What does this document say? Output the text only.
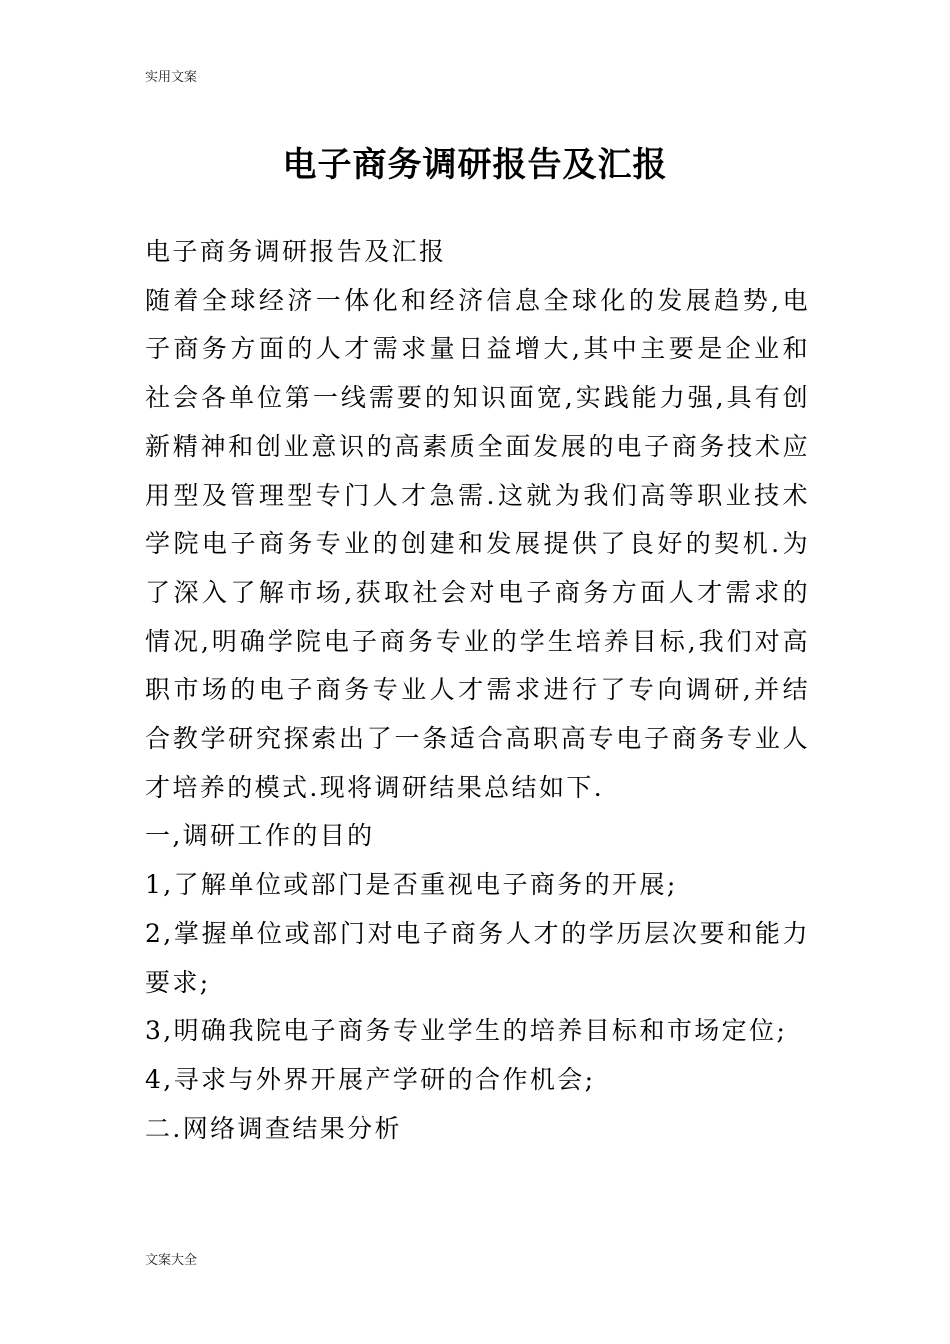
实用文案
电子商务调研报告及汇报

电子商务调研报告及汇报

随着全球经济一体化和经济信息全球化的发展趋势,电子商务方面的人才需求量日益增大,其中主要是企业和社会各单位第一线需要的知识面宽,实践能力强,具有创新精神和创业意识的高素质全面发展的电子商务技术应用型及管理型专门人才急需.这就为我们高等职业技术学院电子商务专业的创建和发展提供了良好的契机.为了深入了解市场,获取社会对电子商务方面人才需求的情况,明确学院电子商务专业的学生培养目标,我们对高职市场的电子商务专业人才需求进行了专向调研,并结合教学研究探索出了一条适合高职高专电子商务专业人才培养的模式.现将调研结果总结如下.

一,调研工作的目的

1,了解单位或部门是否重视电子商务的开展;

2,掌握单位或部门对电子商务人才的学历层次要和能力要求;

3,明确我院电子商务专业学生的培养目标和市场定位;

4,寻求与外界开展产学研的合作机会;

二.网络调查结果分析

文案大全
